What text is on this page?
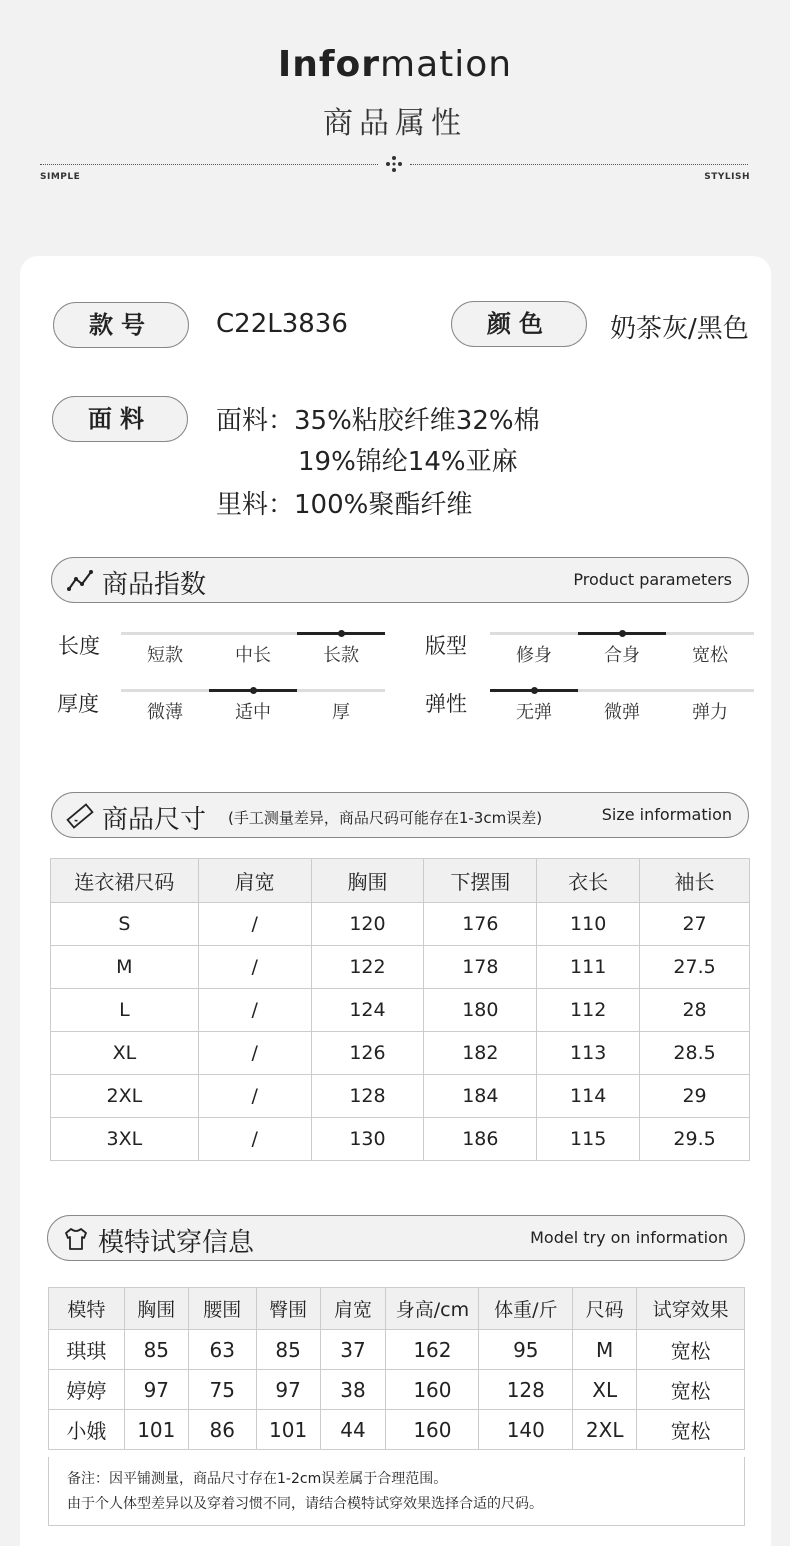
Information
商品属性
SIMPLE	STYLISH
款号	C22L3836	颜色	奶茶灰/黑色
面料	面料：35%粘胶纤维32%棉
19%锦纶14%亚麻
里料：100%聚酯纤维
商品指数	Product parameters
长度	短款	中长	长款	版型	修身	合身	宽松
厚度	微薄	适中	厚	弹性	无弹	微弹	弹力
商品尺寸 (手工测量差异，商品尺码可能存在1-3cm误差)	Size information
连衣裙尺码	肩宽	胸围	下摆围	衣长	袖长
S	/	120	176	110	27
M	/	122	178	111	27.5
L	/	124	180	112	28
XL	/	126	182	113	28.5
2XL	/	128	184	114	29
3XL	/	130	186	115	29.5
模特试穿信息	Model try on information
模特	胸围	腰围	臀围	肩宽	身高/cm	体重/斤	尺码	试穿效果
琪琪	85	63	85	37	162	95	M	宽松
婷婷	97	75	97	38	160	128	XL	宽松
小娥	101	86	101	44	160	140	2XL	宽松
备注：因平铺测量，商品尺寸存在1-2cm误差属于合理范围。
由于个人体型差异以及穿着习惯不同，请结合模特试穿效果选择合适的尺码。
